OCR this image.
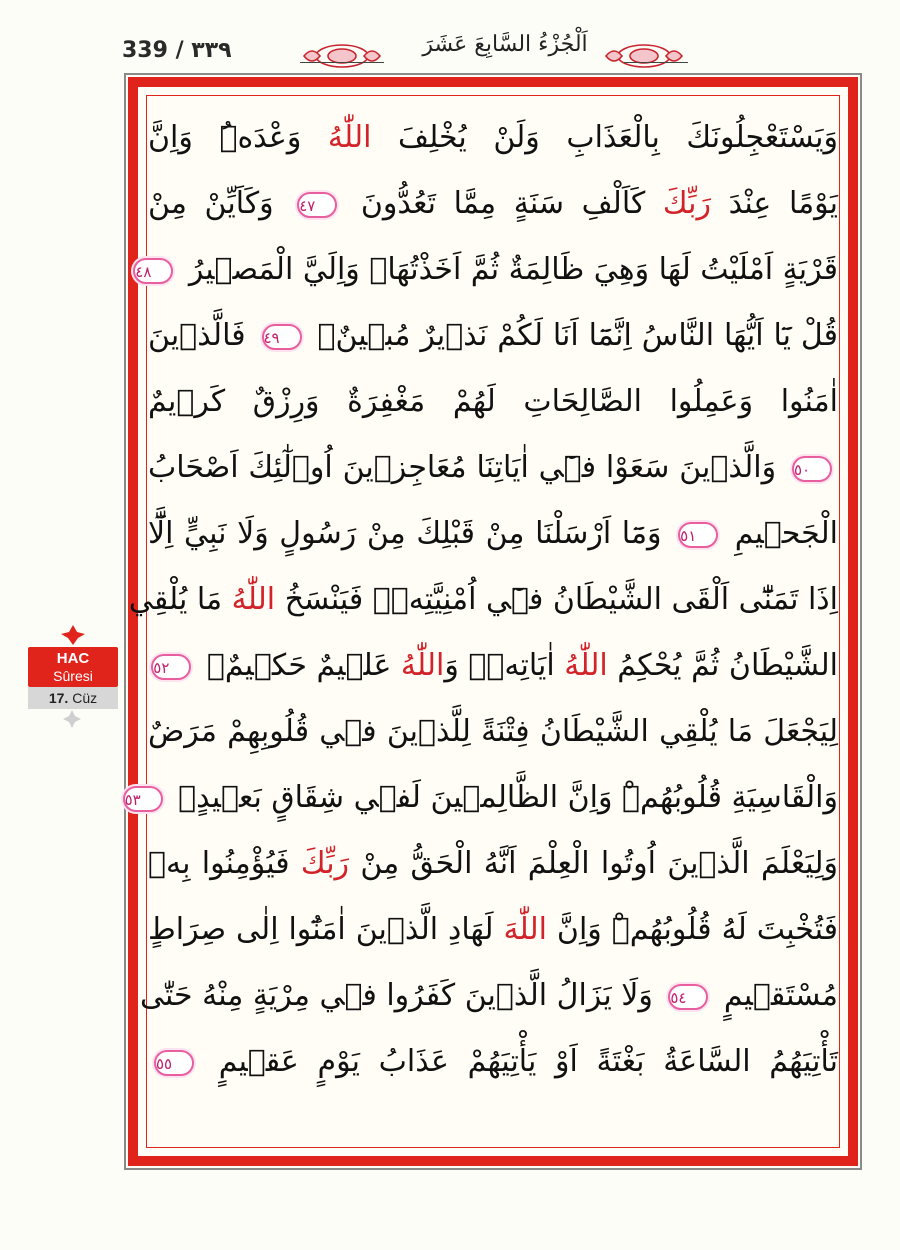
339 / ٣٣٩	اَلْجُزْءُ السَّابِعَ عَشَرَ
وَيَسْتَعْجِلُونَكَ بِالْعَذَابِ وَلَنْ يُخْلِفَ اللّٰهُ وَعْدَهُۜ وَاِنَّ
يَوْمًا عِنْدَ رَبِّكَ كَاَلْفِ سَنَةٍ مِمَّا تَعُدُّونَ ٤٧ وَكَاَيِّنْ مِنْ
قَرْيَةٍ اَمْلَيْتُ لَهَا وَهِيَ ظَالِمَةٌ ثُمَّ اَخَذْتُهَاۚ وَاِلَيَّ الْمَص۪يرُ ٤٨
قُلْ يَٓا اَيُّهَا النَّاسُ اِنَّمَٓا اَنَا لَكُمْ نَذ۪يرٌ مُب۪ينٌۚ ٤٩ فَالَّذ۪ينَ
اٰمَنُوا وَعَمِلُوا الصَّالِحَاتِ لَهُمْ مَغْفِرَةٌ وَرِزْقٌ كَر۪يمٌ
٥٠ وَالَّذ۪ينَ سَعَوْا ف۪ٓي اٰيَاتِنَا مُعَاجِز۪ينَ اُو۬لٰٓئِكَ اَصْحَابُ
الْجَح۪يمِ ٥١ وَمَٓا اَرْسَلْنَا مِنْ قَبْلِكَ مِنْ رَسُولٍ وَلَا نَبِيٍّ اِلَّٓا
اِذَا تَمَنّٰٓى اَلْقَى الشَّيْطَانُ ف۪ٓي اُمْنِيَّتِه۪ۚ فَيَنْسَخُ اللّٰهُ مَا يُلْقِي
الشَّيْطَانُ ثُمَّ يُحْكِمُ اللّٰهُ اٰيَاتِه۪ۜ وَاللّٰهُ عَل۪يمٌ حَك۪يمٌۙ ٥٢
لِيَجْعَلَ مَا يُلْقِي الشَّيْطَانُ فِتْنَةً لِلَّذ۪ينَ ف۪ي قُلُوبِهِمْ مَرَضٌ
وَالْقَاسِيَةِ قُلُوبُهُمْۜ وَاِنَّ الظَّالِم۪ينَ لَف۪ي شِقَاقٍ بَع۪يدٍۙ ٥٣
وَلِيَعْلَمَ الَّذ۪ينَ اُوتُوا الْعِلْمَ اَنَّهُ الْحَقُّ مِنْ رَبِّكَ فَيُؤْمِنُوا بِه۪
فَتُخْبِتَ لَهُ قُلُوبُهُمْۜ وَاِنَّ اللّٰهَ لَهَادِ الَّذ۪ينَ اٰمَنُٓوا اِلٰى صِرَاطٍ
مُسْتَق۪يمٍ ٥٤ وَلَا يَزَالُ الَّذ۪ينَ كَفَرُوا ف۪ي مِرْيَةٍ مِنْهُ حَتّٰى
تَأْتِيَهُمُ السَّاعَةُ بَغْتَةً اَوْ يَأْتِيَهُمْ عَذَابُ يَوْمٍ عَق۪يمٍ ٥٥
HAC
Sûresi
17. Cüz
